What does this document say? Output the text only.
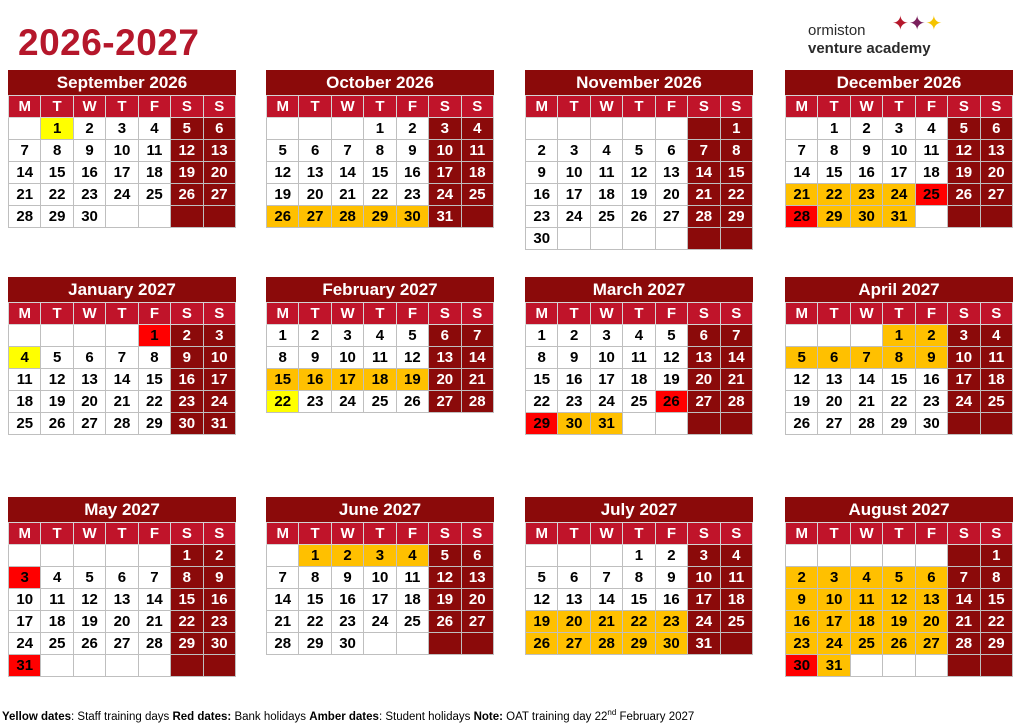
2026-2027	ormiston ✦✦✦
venture academy
September 2026
M	T	W	T	F	S	S
	1	2	3	4	5	6
7	8	9	10	11	12	13
14	15	16	17	18	19	20
21	22	23	24	25	26	27
28	29	30				
October 2026
M	T	W	T	F	S	S
			1	2	3	4
5	6	7	8	9	10	11
12	13	14	15	16	17	18
19	20	21	22	23	24	25
26	27	28	29	30	31	
November 2026
M	T	W	T	F	S	S
						1
2	3	4	5	6	7	8
9	10	11	12	13	14	15
16	17	18	19	20	21	22
23	24	25	26	27	28	29
30						
December 2026
M	T	W	T	F	S	S
	1	2	3	4	5	6
7	8	9	10	11	12	13
14	15	16	17	18	19	20
21	22	23	24	25	26	27
28	29	30	31			
January 2027
M	T	W	T	F	S	S
				1	2	3
4	5	6	7	8	9	10
11	12	13	14	15	16	17
18	19	20	21	22	23	24
25	26	27	28	29	30	31
February 2027
M	T	W	T	F	S	S
1	2	3	4	5	6	7
8	9	10	11	12	13	14
15	16	17	18	19	20	21
22	23	24	25	26	27	28
March 2027
M	T	W	T	F	S	S
1	2	3	4	5	6	7
8	9	10	11	12	13	14
15	16	17	18	19	20	21
22	23	24	25	26	27	28
29	30	31				
April 2027
M	T	W	T	F	S	S
			1	2	3	4
5	6	7	8	9	10	11
12	13	14	15	16	17	18
19	20	21	22	23	24	25
26	27	28	29	30		
May 2027
M	T	W	T	F	S	S
					1	2
3	4	5	6	7	8	9
10	11	12	13	14	15	16
17	18	19	20	21	22	23
24	25	26	27	28	29	30
31						
June 2027
M	T	W	T	F	S	S
	1	2	3	4	5	6
7	8	9	10	11	12	13
14	15	16	17	18	19	20
21	22	23	24	25	26	27
28	29	30				
July 2027
M	T	W	T	F	S	S
			1	2	3	4
5	6	7	8	9	10	11
12	13	14	15	16	17	18
19	20	21	22	23	24	25
26	27	28	29	30	31	
August 2027
M	T	W	T	F	S	S
						1
2	3	4	5	6	7	8
9	10	11	12	13	14	15
16	17	18	19	20	21	22
23	24	25	26	27	28	29
30	31					
Yellow dates: Staff training days Red dates: Bank holidays Amber dates: Student holidays Note: OAT training day 22nd February 2027
